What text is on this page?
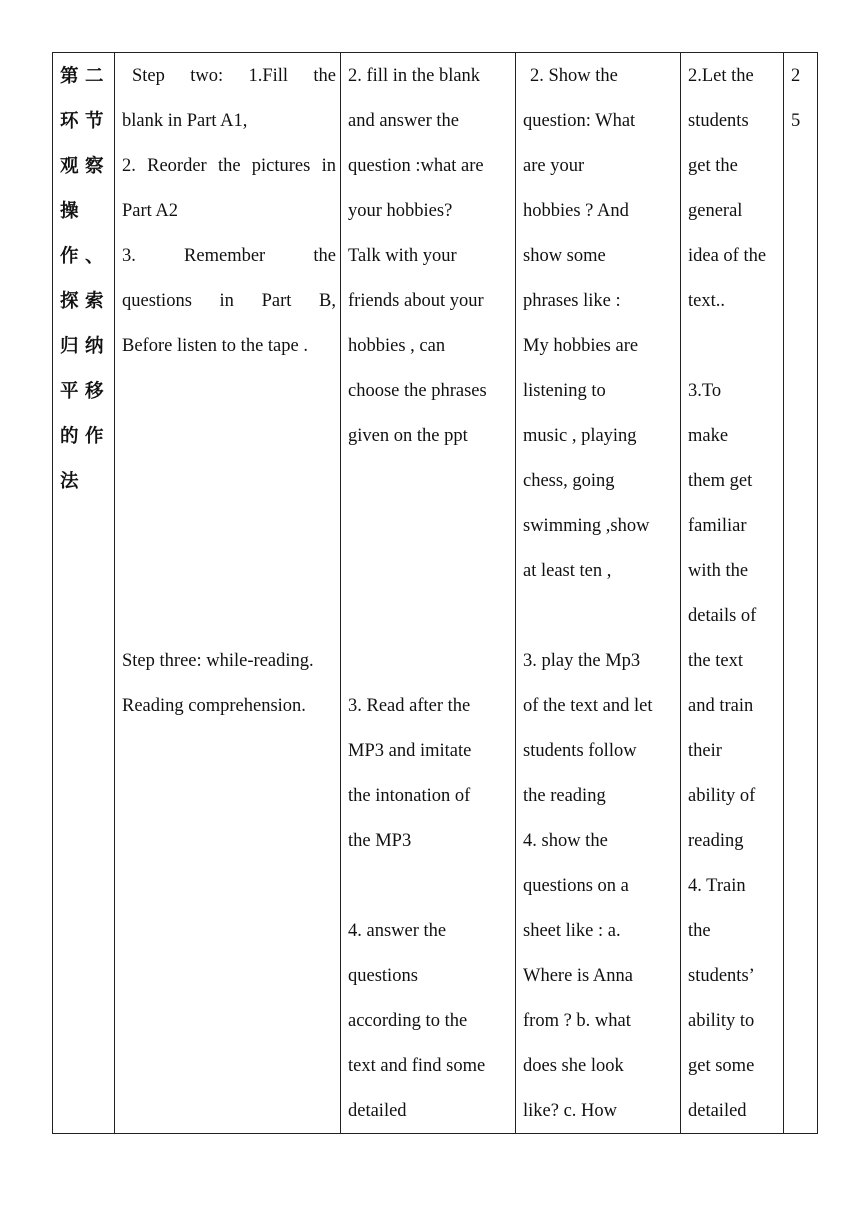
第 二
环 节
观 察
操
作 、
探 索
归 纳
平 移
的 作
法

Step two: 1.Fill the
blank in Part A1,
2. Reorder the pictures in
Part A2
3.	Remember	the
questions in Part B,
Before listen to the tape .
Step three: while-reading.
Reading comprehension.

2. fill in the blank
and answer the
question :what are
your hobbies?
Talk with your
friends about your
hobbies , can
choose the phrases
given on the ppt
3. Read after the
MP3 and imitate
the intonation of
the MP3
4. answer the
questions
according to the
text and find some
detailed

2. Show the
question: What
are your
hobbies ? And
show some
phrases like :
My hobbies are
listening to
music , playing
chess, going
swimming ,show
at least ten ,
3. play the Mp3
of the text and let
students follow
the reading
4. show the
questions on a
sheet like : a.
Where is Anna
from ? b. what
does she look
like? c. How

2.Let the
students
get the
general
idea of the
text..
3.To
make
them get
familiar
with the
details of
the text
and train
their
ability of
reading
4. Train
the
students’
ability to
get some
detailed

2
5
